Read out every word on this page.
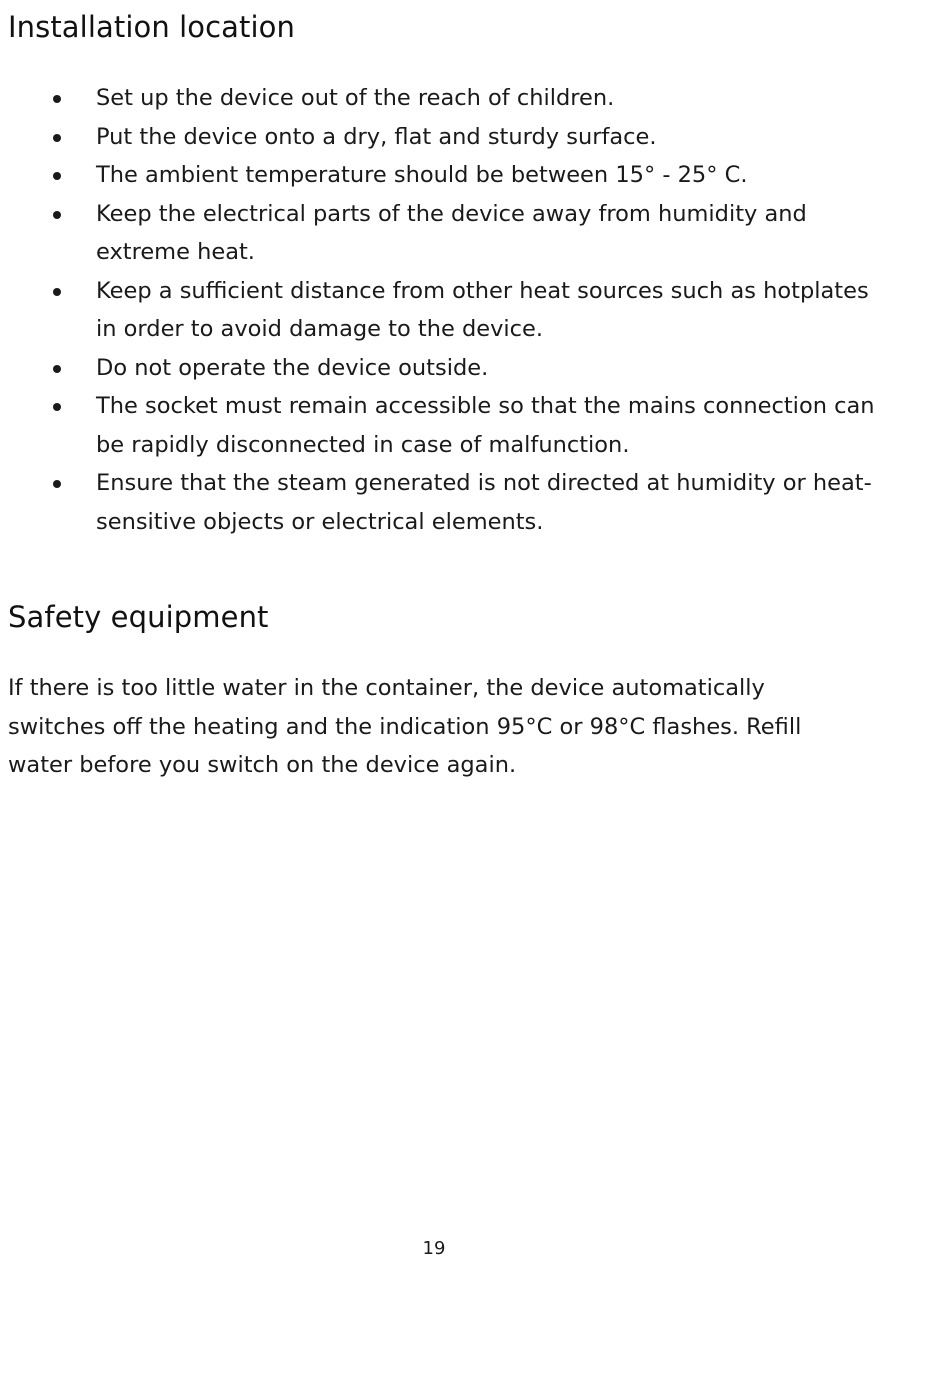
Installation location
Set up the device out of the reach of children.
Put the device onto a dry, flat and sturdy surface.
The ambient temperature should be between 15° - 25° C.
Keep the electrical parts of the device away from humidity and extreme heat.
Keep a sufficient distance from other heat sources such as hotplates in order to avoid damage to the device.
Do not operate the device outside.
The socket must remain accessible so that the mains connection can be rapidly disconnected in case of malfunction.
Ensure that the steam generated is not directed at humidity or heat-sensitive objects or electrical elements.
Safety equipment

If there is too little water in the container, the device automatically switches off the heating and the indication 95°C or 98°C flashes. Refill water before you switch on the device again.

19
